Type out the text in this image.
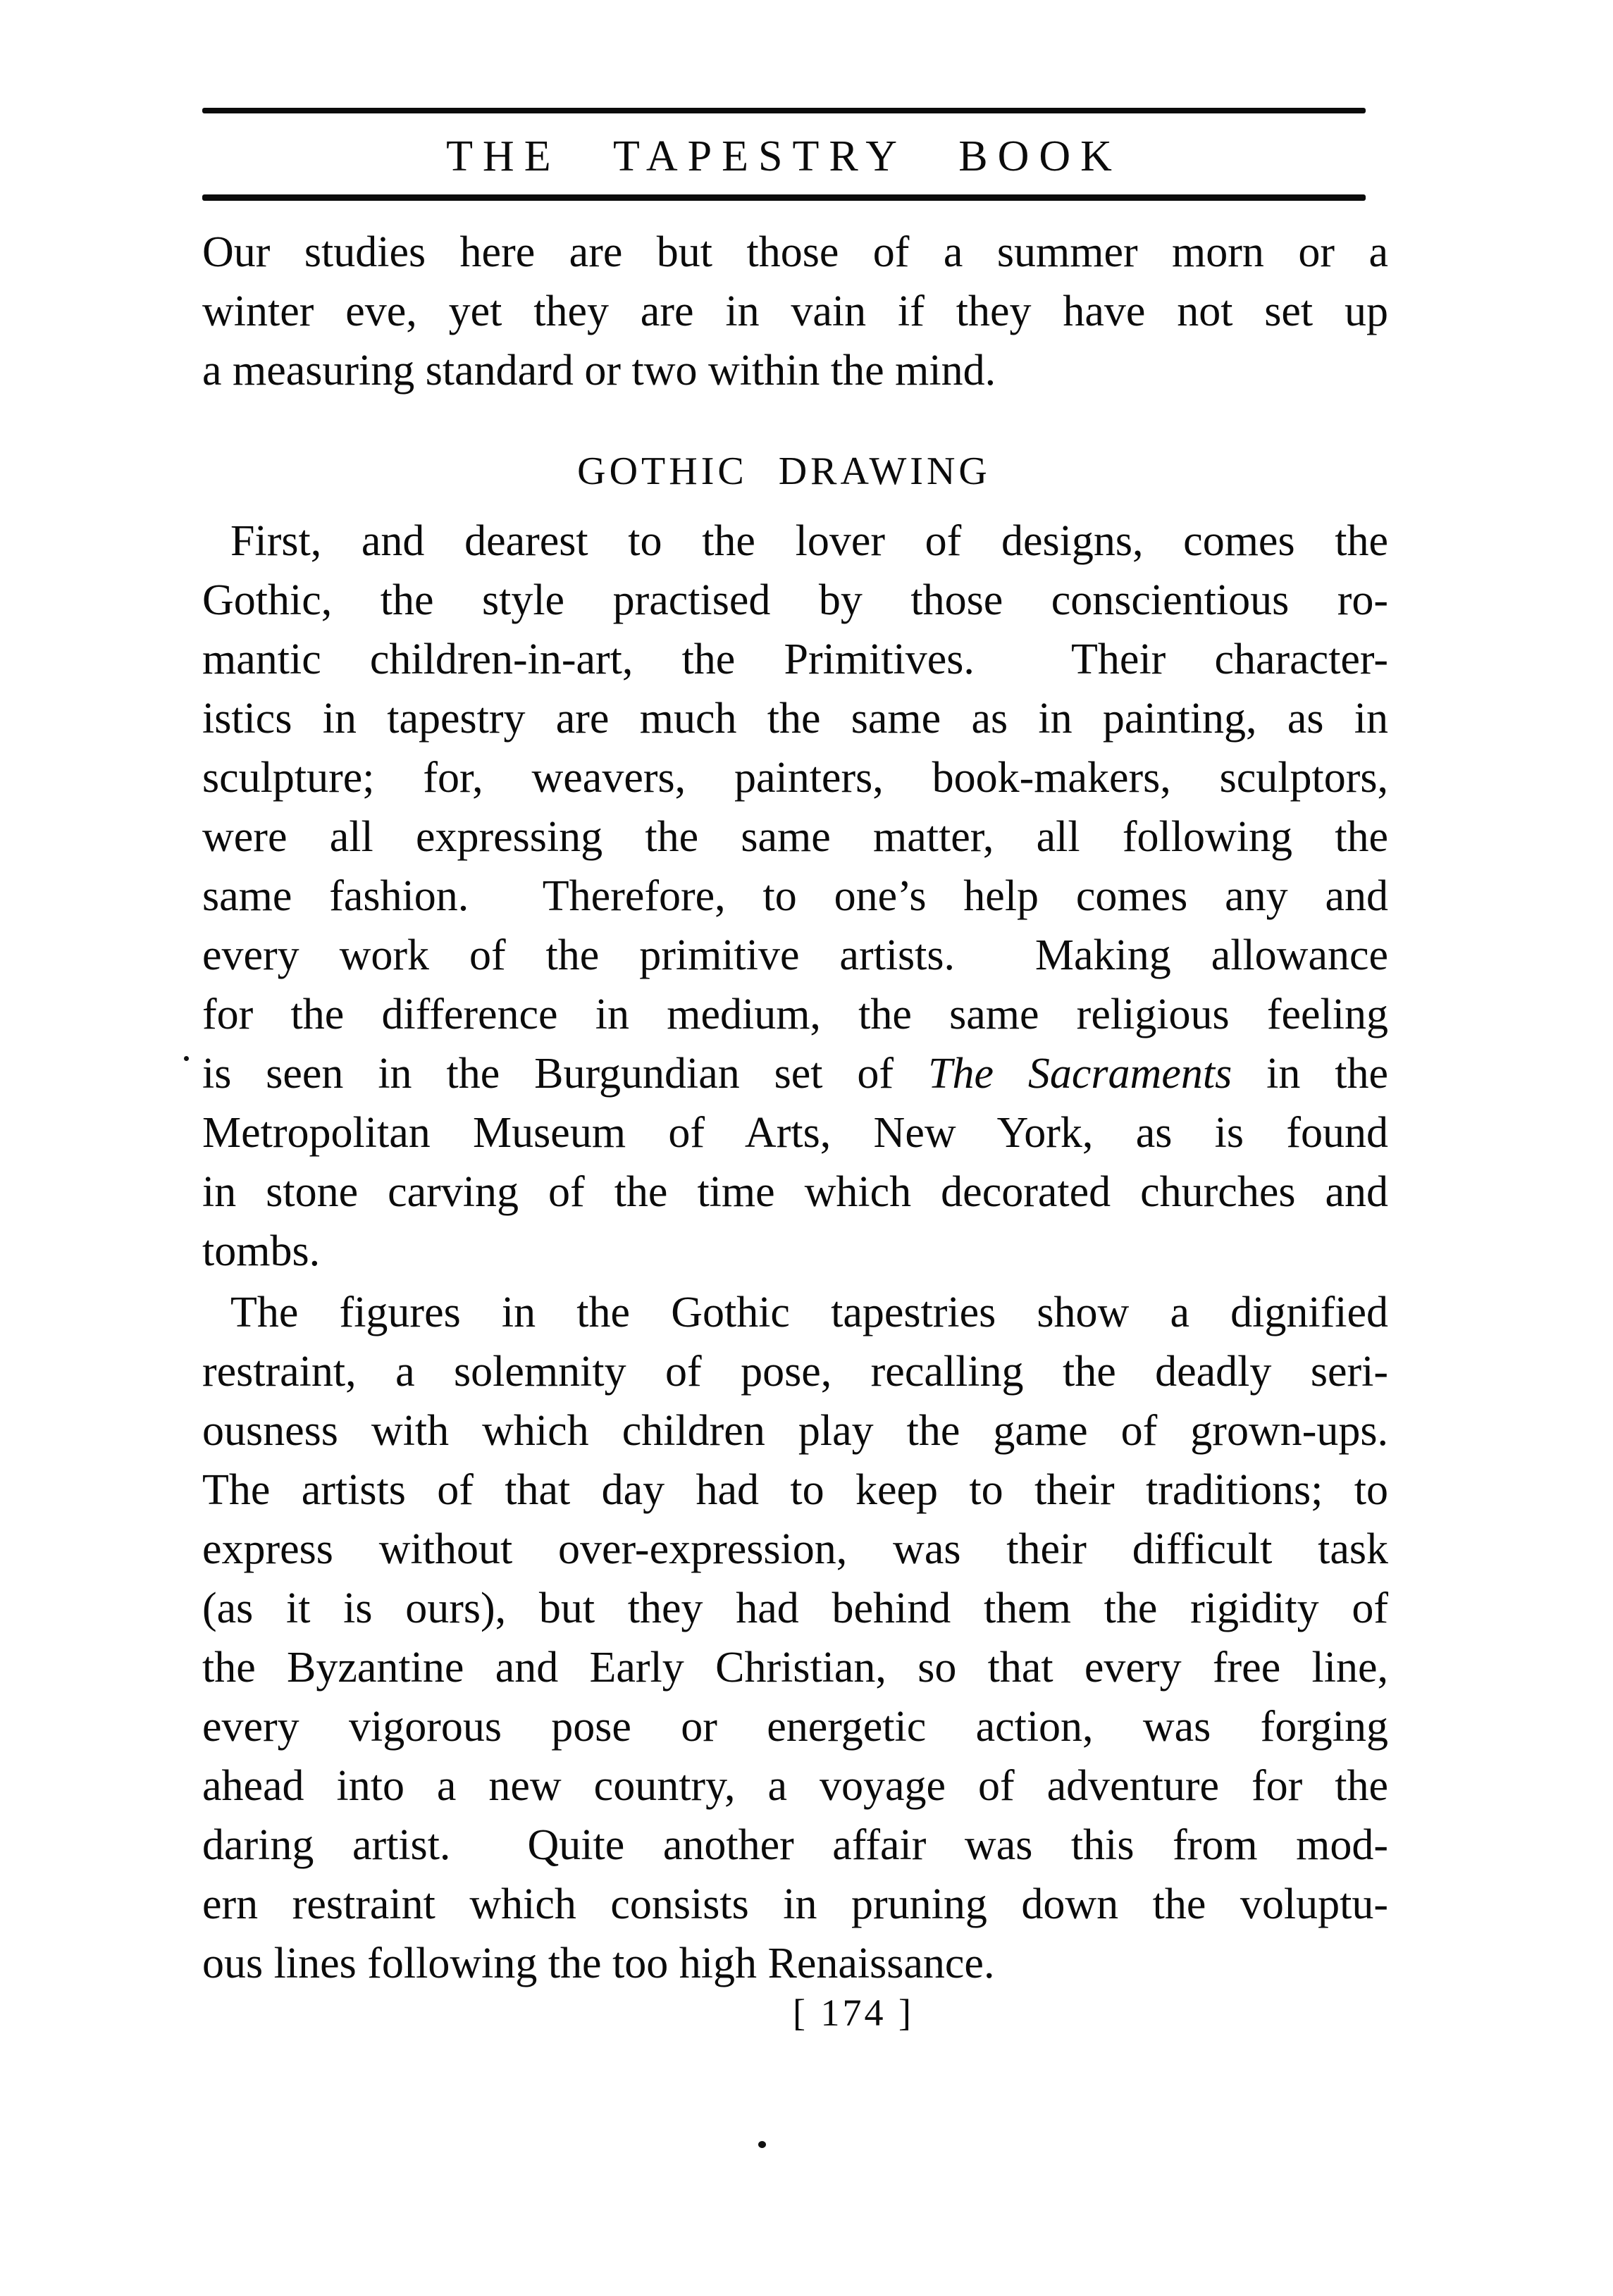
THE TAPESTRY BOOK
Our studies here are but those of a summer morn or a
winter eve, yet they are in vain if they have not set up
a measuring standard or two within the mind.
GOTHIC DRAWING
First, and dearest to the lover of designs, comes the
Gothic, the style practised by those conscientious ro-
mantic children-in-art, the Primitives.  Their character-
istics in tapestry are much the same as in painting, as in
sculpture; for, weavers, painters, book-makers, sculptors,
were all expressing the same matter, all following the
same fashion.  Therefore, to one’s help comes any and
every work of the primitive artists.  Making allowance
for the difference in medium, the same religious feeling
is seen in the Burgundian set of The Sacraments in the
Metropolitan Museum of Arts, New York, as is found
in stone carving of the time which decorated churches and
tombs.
The figures in the Gothic tapestries show a dignified
restraint, a solemnity of pose, recalling the deadly seri-
ousness with which children play the game of grown-ups.
The artists of that day had to keep to their traditions; to
express without over-expression, was their difficult task
(as it is ours), but they had behind them the rigidity of
the Byzantine and Early Christian, so that every free line,
every vigorous pose or energetic action, was forging
ahead into a new country, a voyage of adventure for the
daring artist.  Quite another affair was this from mod-
ern restraint which consists in pruning down the voluptu-
ous lines following the too high Renaissance.
[ 174 ]
